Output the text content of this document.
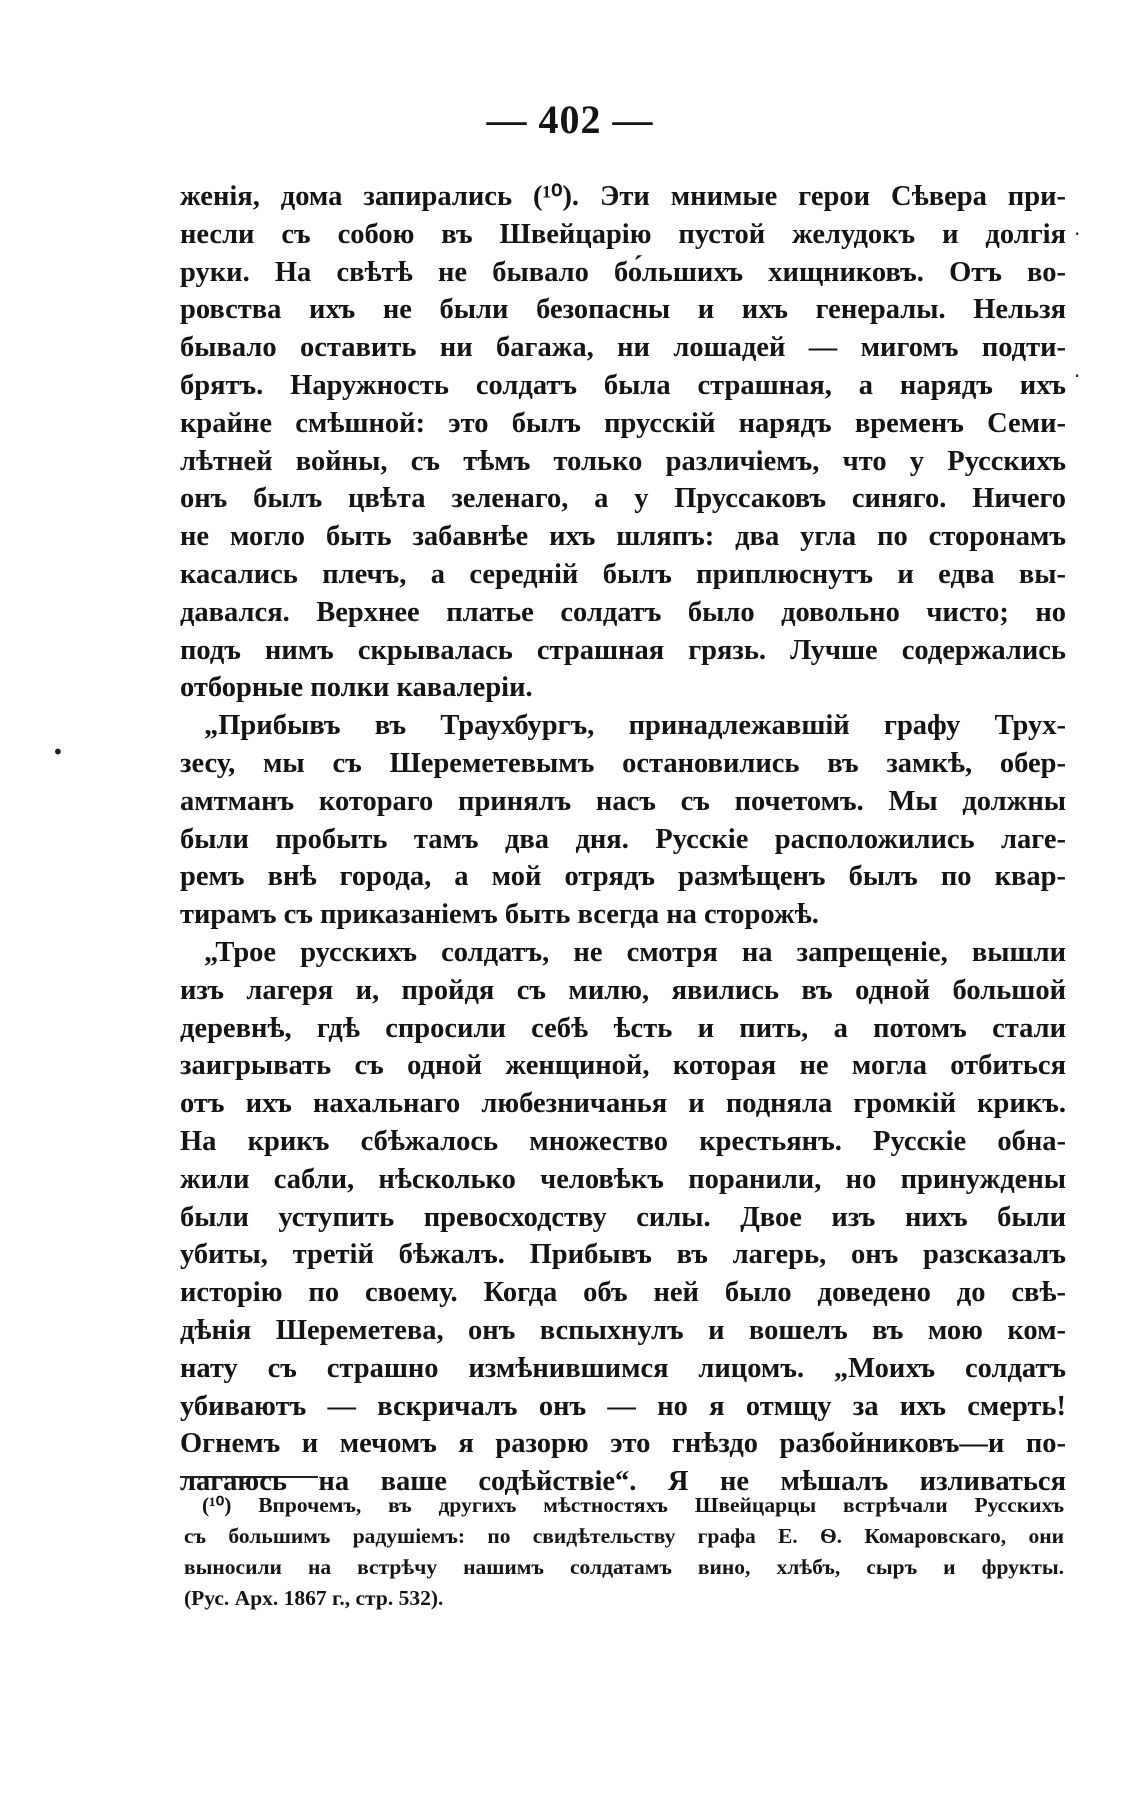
— 402 —
женія, дома запирались (¹⁰). Эти мнимые герои Сѣвера при-
несли съ собою въ Швейцарію пустой желудокъ и долгія
руки. На свѣтѣ не бывало бо́льшихъ хищниковъ. Отъ во-
ровства ихъ не были безопасны и ихъ генералы. Нельзя
бывало оставить ни багажа, ни лошадей — мигомъ подти-
брятъ. Наружность солдатъ была страшная, а нарядъ ихъ
крайне смѣшной: это былъ прусскій нарядъ временъ Семи-
лѣтней войны, съ тѣмъ только различіемъ, что у Русскихъ
онъ былъ цвѣта зеленаго, а у Пруссаковъ синяго. Ничего
не могло быть забавнѣе ихъ шляпъ: два угла по сторонамъ
касались плечъ, а середній былъ приплюснутъ и едва вы-
давался. Верхнее платье солдатъ было довольно чисто; но
подъ нимъ скрывалась страшная грязь. Лучше содержались
отборные полки кавалеріи.
„Прибывъ въ Траухбургъ, принадлежавшій графу Трух-
зесу, мы съ Шереметевымъ остановились въ замкѣ, обер-
амтманъ котораго принялъ насъ съ почетомъ. Мы должны
были пробыть тамъ два дня. Русскіе расположились лаге-
ремъ внѣ города, а мой отрядъ размѣщенъ былъ по квар-
тирамъ съ приказаніемъ быть всегда на сторожѣ.
„Трое русскихъ солдатъ, не смотря на запрещеніе, вышли
изъ лагеря и, пройдя съ милю, явились въ одной большой
деревнѣ, гдѣ спросили себѣ ѣсть и пить, а потомъ стали
заигрывать съ одной женщиной, которая не могла отбиться
отъ ихъ нахальнаго любезничанья и подняла громкій крикъ.
На крикъ сбѣжалось множество крестьянъ. Русскіе обна-
жили сабли, нѣсколько человѣкъ поранили, но принуждены
были уступить превосходству силы. Двое изъ нихъ были
убиты, третій бѣжалъ. Прибывъ въ лагерь, онъ разсказалъ
исторію по своему. Когда объ ней было доведено до свѣ-
дѣнія Шереметева, онъ вспыхнулъ и вошелъ въ мою ком-
нату съ страшно измѣнившимся лицомъ. „Моихъ солдатъ
убиваютъ — вскричалъ онъ — но я отмщу за ихъ смерть!
Огнемъ и мечомъ я разорю это гнѣздо разбойниковъ—и по-
лагаюсь на ваше содѣйствіе“. Я не мѣшалъ изливаться
(¹⁰) Впрочемъ, въ другихъ мѣстностяхъ Швейцарцы встрѣчали Русскихъ
съ большимъ радушіемъ: по свидѣтельству графа Е. Ѳ. Комаровскаго, они
выносили на встрѣчу нашимъ солдатамъ вино, хлѣбъ, сыръ и фрукты.
(Рус. Арх. 1867 г., стр. 532).
·
·
•
